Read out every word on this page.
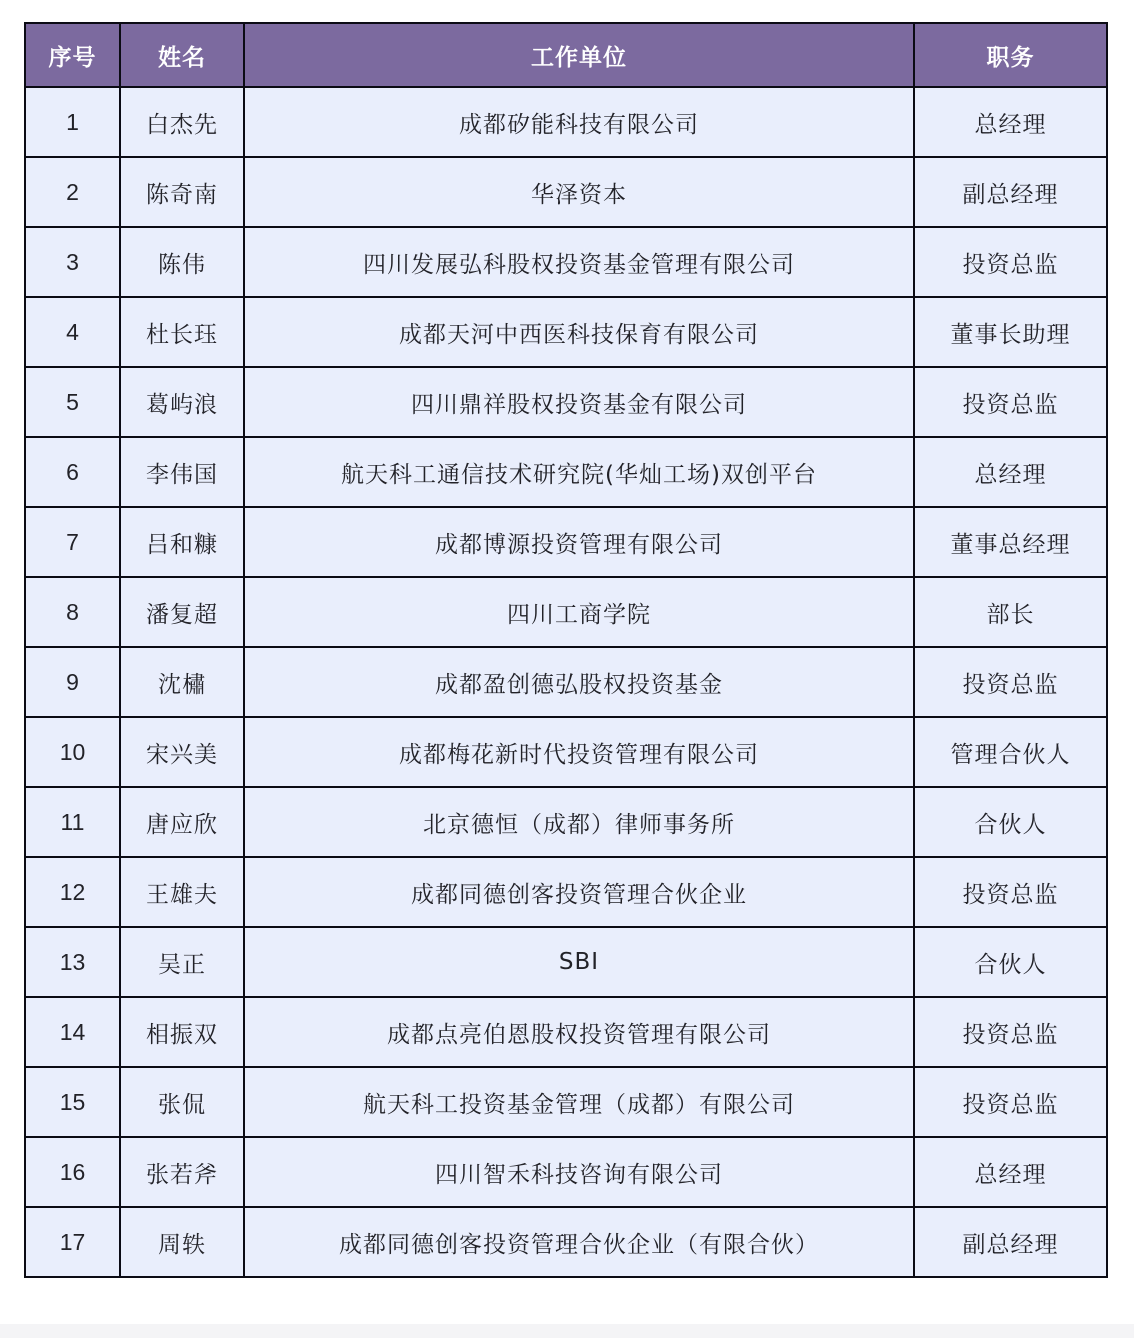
序号	姓名	工作单位	职务
1	白杰先	成都矽能科技有限公司	总经理
2	陈奇南	华泽资本	副总经理
3	陈伟	四川发展弘科股权投资基金管理有限公司	投资总监
4	杜长珏	成都天河中西医科技保育有限公司	董事长助理
5	葛屿浪	四川鼎祥股权投资基金有限公司	投资总监
6	李伟国	航天科工通信技术研究院(华灿工场)双创平台	总经理
7	吕和糠	成都博源投资管理有限公司	董事总经理
8	潘复超	四川工商学院	部长
9	沈橚	成都盈创德弘股权投资基金	投资总监
10	宋兴美	成都梅花新时代投资管理有限公司	管理合伙人
11	唐应欣	北京德恒（成都）律师事务所	合伙人
12	王雄夫	成都同德创客投资管理合伙企业	投资总监
13	吴正	SBI	合伙人
14	相振双	成都点亮伯恩股权投资管理有限公司	投资总监
15	张侃	航天科工投资基金管理（成都）有限公司	投资总监
16	张若斧	四川智禾科技咨询有限公司	总经理
17	周轶	成都同德创客投资管理合伙企业（有限合伙）	副总经理
